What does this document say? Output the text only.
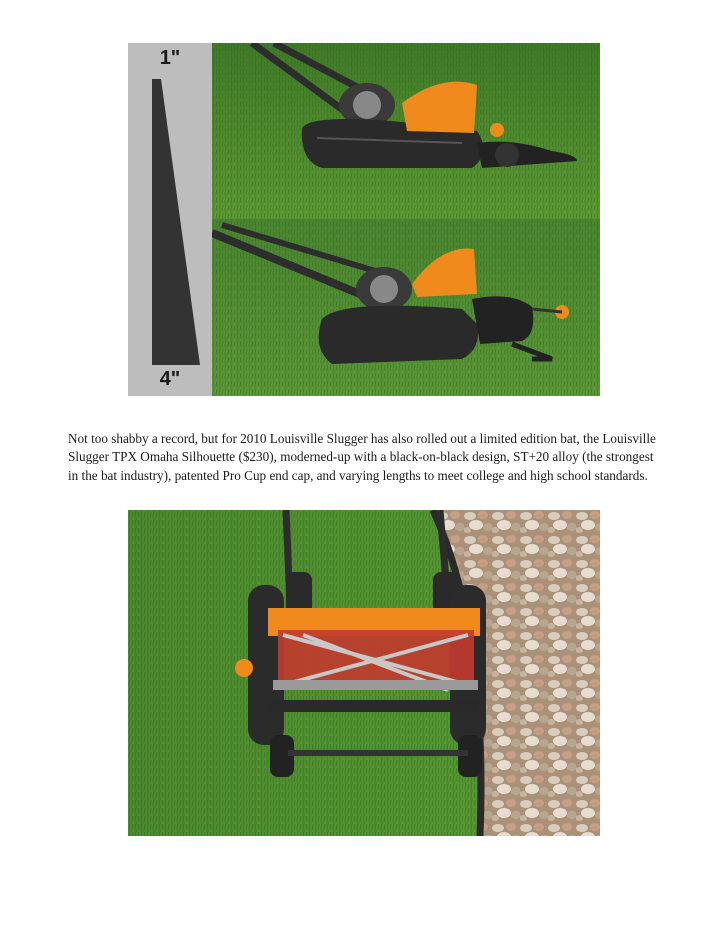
1"
4"

Not too shabby a record, but for 2010 Louisville Slugger has also rolled out a limited edition bat, the Louisville Slugger TPX Omaha Silhouette ($230), moderned-up with a black-on-black design, ST+20 alloy (the strongest in the bat industry), patented Pro Cup end cap, and varying lengths to meet college and high school standards.
